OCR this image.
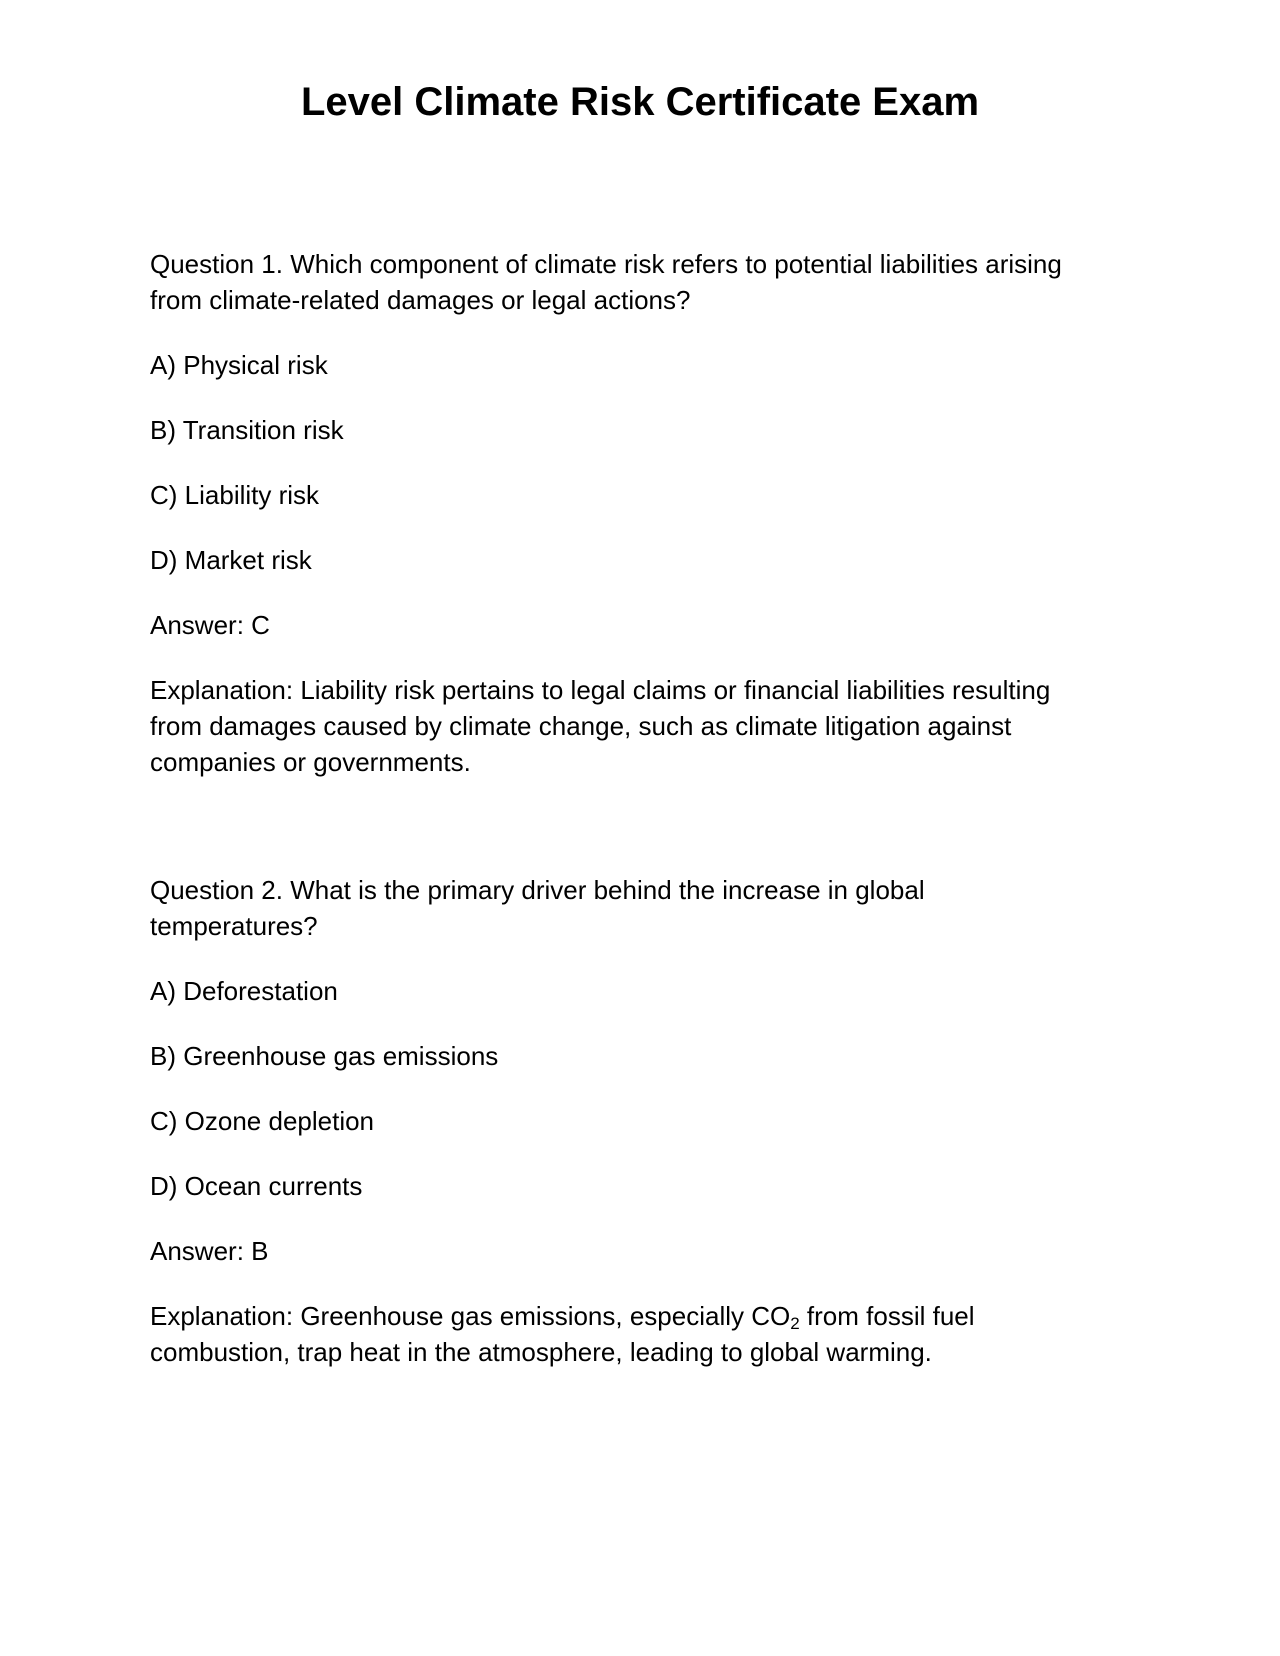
Level Climate Risk Certificate Exam
Question 1. Which component of climate risk refers to potential liabilities arising
from climate-related damages or legal actions?
A) Physical risk
B) Transition risk
C) Liability risk
D) Market risk
Answer: C
Explanation: Liability risk pertains to legal claims or financial liabilities resulting
from damages caused by climate change, such as climate litigation against
companies or governments.
Question 2. What is the primary driver behind the increase in global
temperatures?
A) Deforestation
B) Greenhouse gas emissions
C) Ozone depletion
D) Ocean currents
Answer: B
Explanation: Greenhouse gas emissions, especially $CO_2$ from fossil fuel
combustion, trap heat in the atmosphere, leading to global warming.
